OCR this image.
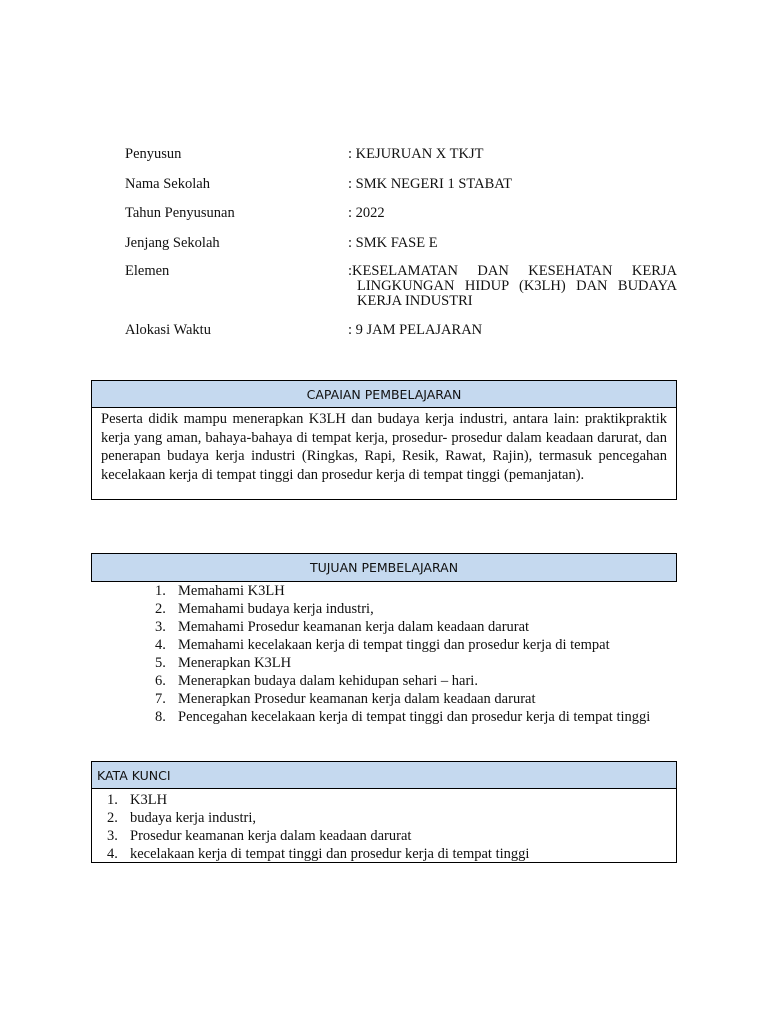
Penyusun	: KEJURUAN X TKJT
Nama Sekolah	: SMK NEGERI 1 STABAT
Tahun Penyusunan	: 2022
Jenjang Sekolah	: SMK FASE E
Elemen	:KESELAMATAN DAN KESEHATAN KERJA
LINGKUNGAN HIDUP (K3LH) DAN BUDAYA
KERJA INDUSTRI
Alokasi Waktu	: 9 JAM PELAJARAN
CAPAIAN PEMBELAJARAN
Peserta didik mampu menerapkan K3LH dan budaya kerja industri, antara lain: praktikpraktik kerja yang aman, bahaya-bahaya di tempat kerja, prosedur- prosedur dalam keadaan darurat, dan penerapan budaya kerja industri (Ringkas, Rapi, Resik, Rawat, Rajin), termasuk pencegahan kecelakaan kerja di tempat tinggi dan prosedur kerja di tempat tinggi (pemanjatan).
TUJUAN PEMBELAJARAN
1. Memahami K3LH
2. Memahami budaya kerja industri,
3. Memahami Prosedur keamanan kerja dalam keadaan darurat
4. Memahami kecelakaan kerja di tempat tinggi dan prosedur kerja di tempat
5. Menerapkan K3LH
6. Menerapkan budaya dalam kehidupan sehari – hari.
7. Menerapkan Prosedur keamanan kerja dalam keadaan darurat
8. Pencegahan kecelakaan kerja di tempat tinggi dan prosedur kerja di tempat tinggi
KATA KUNCI
1. K3LH
2. budaya kerja industri,
3. Prosedur keamanan kerja dalam keadaan darurat
4. kecelakaan kerja di tempat tinggi dan prosedur kerja di tempat tinggi
